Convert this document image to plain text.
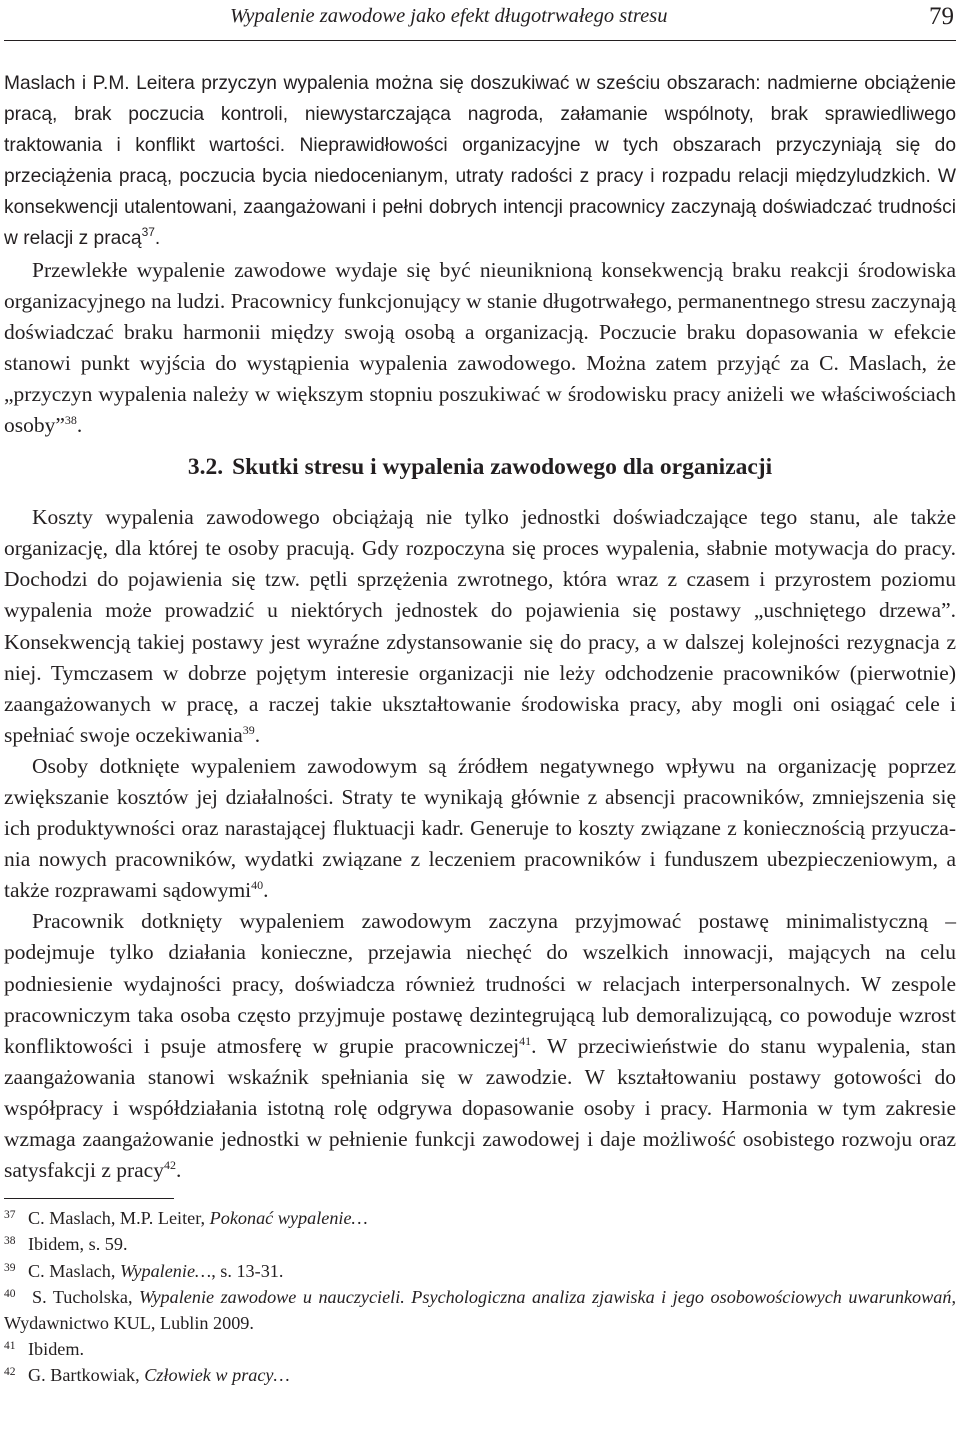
Wypalenie zawodowe jako efekt długotrwałego stresu	79

Maslach i P.M. Leitera przyczyn wypalenia można się doszukiwać w sześciu obszarach: nadmierne obciążenie pracą, brak poczucia kontroli, niewystarczająca nagroda, załamanie wspólnoty, brak sprawiedliwego traktowania i konflikt wartości. Nieprawidłowości organizacyjne w tych obszarach przyczyniają się do przeciążenia pracą, poczucia bycia niedocenianym, utraty radości z pracy i rozpadu relacji międzyludzkich. W konsekwencji utalentowani, zaangażowani i pełni dobrych intencji pracownicy zaczynają doświadczać trudności w relacji z pracą$^{37}$.

Przewlekłe wypalenie zawodowe wydaje się być nieuniknioną konsekwencją braku reakcji środowiska organizacyjnego na ludzi. Pracownicy funkcjonujący w stanie długotrwałego, permanentnego stresu zaczynają doświadczać braku harmonii między swoją osobą a organizacją. Poczucie braku dopasowania w efekcie stanowi punkt wyjścia do wystąpienia wypalenia zawodowego. Można zatem przyjąć za C. Maslach, że „przyczyn wypalenia należy w większym stopniu poszukiwać w środowisku pracy aniżeli we właściwościach osoby”$^{38}$.

3.2. Skutki stresu i wypalenia zawodowego dla organizacji

Koszty wypalenia zawodowego obciążają nie tylko jednostki doświadczające tego stanu, ale także organizację, dla której te osoby pracują. Gdy rozpoczyna się proces wypalenia, słabnie motywacja do pracy. Dochodzi do pojawienia się tzw. pętli sprzężenia zwrotnego, która wraz z czasem i przyrostem poziomu wypalenia może prowadzić u niektórych jednostek do pojawienia się postawy „uschniętego drzewa”. Konsekwencją takiej postawy jest wyraźne zdystansowanie się do pracy, a w dalszej kolejności rezygnacja z niej. Tymczasem w dobrze pojętym interesie organizacji nie leży odchodzenie pracowników (pierwotnie) zaangażowanych w pracę, a raczej takie ukształtowanie środowiska pracy, aby mogli oni osiągać cele i spełniać swoje oczekiwania$^{39}$.

Osoby dotknięte wypaleniem zawodowym są źródłem negatywnego wpływu na organizację poprzez zwiększanie kosztów jej działalności. Straty te wynikają głównie z absencji pracowników, zmniejszenia się ich produktywności oraz narastającej fluktuacji kadr. Generuje to koszty związane z koniecznością przyuczania nowych pracowników, wydatki związane z leczeniem pracowników i funduszem ubezpieczeniowym, a także rozprawami sądowymi$^{40}$.

Pracownik dotknięty wypaleniem zawodowym zaczyna przyjmować postawę minimalistyczną – podejmuje tylko działania konieczne, przejawia niechęć do wszelkich innowacji, mających na celu podniesienie wydajności pracy, doświadcza również trudności w relacjach interpersonalnych. W zespole pracowniczym taka osoba często przyjmuje postawę dezintegrującą lub demoralizującą, co powoduje wzrost konfliktowości i psuje atmosferę w grupie pracowniczej$^{41}$. W przeciwieństwie do stanu wypalenia, stan zaangażowania stanowi wskaźnik spełniania się w zawodzie. W kształtowaniu postawy gotowości do współpracy i współdziałania istotną rolę odgrywa dopasowanie osoby i pracy. Harmonia w tym zakresie wzmaga zaangażowanie jednostki w pełnienie funkcji zawodowej i daje możliwość osobistego rozwoju oraz satysfakcji z pracy$^{42}$.

37 C. Maslach, M.P. Leiter, Pokonać wypalenie…

38 Ibidem, s. 59.

39 C. Maslach, Wypalenie…, s. 13-31.

40 S. Tucholska, Wypalenie zawodowe u nauczycieli. Psychologiczna analiza zjawiska i jego osobowościowych uwarunkowań, Wydawnictwo KUL, Lublin 2009.

41 Ibidem.

42 G. Bartkowiak, Człowiek w pracy…
